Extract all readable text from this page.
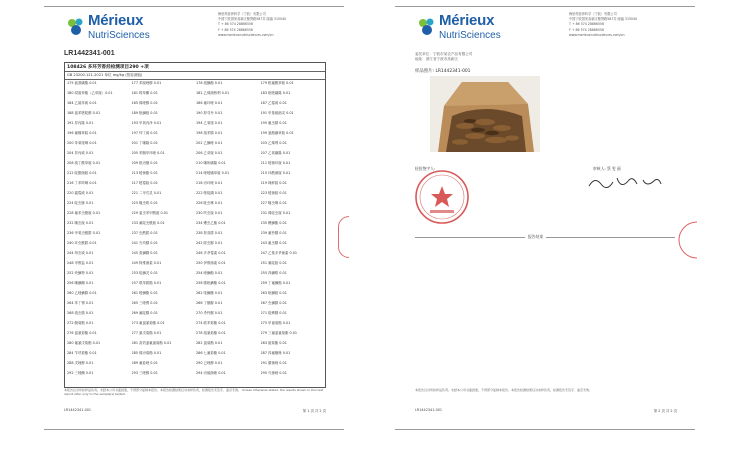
Mérieux
NutriSciences
梅里埃营养科学（宁波）有限公司
中国宁波国家高新区聚贤路587弄 邮编 315040
T + 86 574 28866556
F + 86 574 28866556
www.merieuxnutrisciences.com/cn
LR1442341-001
108426 多环芳香烃检测项目290 +项
GB 23200.121-2021 单位 mg/kg (按检测值)
175 氨基磺酸 0.01	177 苯胺唑醇 0.01	178 溴螨酯 0.01	179 吡氟酰草胺 0.01
180 叔胺草酯（乙草胺）0.01	181 嗪草酮 0.01	182 乙烯菌核利 0.01	183 吡嘧磺隆 0.01
184 乙硫苯威 0.01	185 烯唑醇 0.01	186 氟环唑 0.01	187 乙霉威 0.01
188 氯苯嘧啶醇 0.01	189 吡螨胺 0.01	190 抑芽丹 0.01	191 甲基硫菌灵 0.01
192 异丙隆 0.01	193 甲氧丙净 0.01	194 乙氧喹 0.01	195 氟虫腈 0.01
196 氟噻草胺 0.01	197 仲丁威 0.01	198 溴苯腈 0.01	199 氯酯磺草胺 0.01
200 苯氧喹啉 0.01	201 丁噻隆 0.01	202 乙螨唑 0.01	203 乙烯利 0.01
204 异丙威 0.01	205 苯醚甲环唑 0.01	206 乙草胺 0.01	207 乙氧磺隆 0.01
208 溴丁酰草胺 0.01	209 吡丙醚 0.01	210 噻吩磺隆 0.01	211 嘧菌环胺 0.01
212 啶酰菌胺 0.01	213 嘧菌酯 0.01	214 唑嘧磺草胺 0.01	215 环酰菌胺 0.01
216 丁苯吗啉 0.01	217 嘧霉胺 0.01	218 丙环唑 0.01	219 咪鲜胺 0.01
220 霜霉威 0.01	221 二甲戊灵 0.01	222 嘧啶磷 0.01	223 嘧菌胺 0.01
224 啶虫脒 0.01	225 噻虫嗪 0.01	226 吡虫啉 0.01	227 噻虫啉 0.01
228 氟苯虫酰胺 0.01	229 氯虫苯甲酰胺 0.01	230 呋虫胺 0.01	231 烯啶虫胺 0.01
232 噻虫胺 0.01	233 氟啶虫酰胺 0.01	234 螺虫乙酯 0.01	235 螺螨酯 0.01
236 甲氧虫酰肼 0.01	237 虫酰肼 0.01	238 抑食肼 0.01	239 氟铃脲 0.01
240 环虫酰肼 0.01	241 灭幼脲 0.01	242 除虫脲 0.01	243 氟虫脲 0.01
244 茚虫威 0.01	245 虱螨脲 0.01	246 多杀霉素 0.01	247 乙基多杀菌素 0.01
248 甲维盐 0.01	249 阿维菌素 0.01	250 伊维菌素 0.01	251 氟啶胺 0.01
252 炔螨特 0.01	253 哒螨灵 0.01	254 唑螨酯 0.01	255 四螨嗪 0.01
256 噻螨酮 0.01	257 联苯肼酯 0.01	258 腈吡螨酯 0.01	259 丁氟螨酯 0.01
260 乙唑螨腈 0.01	261 嘧螨酯 0.01	262 喹螨醚 0.01	263 吡螨胺 0.01
264 苯丁锡 0.01	265 三唑锡 0.01	266 丁醚脲 0.01	267 虫螨腈 0.01
268 溴虫腈 0.01	269 氟啶脲 0.01	270 杀铃脲 0.01	271 啶蜱脲 0.01
272 醚菊酯 0.01	273 氟氯氰菊酯 0.01	274 联苯菊酯 0.01	275 甲氰菊酯 0.01
276 氯氰菊酯 0.01	277 氰戊菊酯 0.01	278 溴氰菊酯 0.01	279 三氟氯氰菊酯 0.01
280 氟氰戊菊酯 0.01	281 高效氯氟氰菊酯 0.01	282 氯菊酯 0.01	283 胺菊酯 0.01
284 苄呋菊酯 0.01	285 烯丙菊酯 0.01	286 七氟菊酯 0.01	287 四氟醚唑 0.01
288 戊唑醇 0.01	289 氟硅唑 0.01	290 己唑醇 0.01	291 腈菌唑 0.01
292 三唑酮 0.01	293 三唑醇 0.01	294 丙硫菌唑 0.01	295 灭菌唑 0.01
本报告仅对所检样品负责。未经本公司书面批准，不得部分复制本报告。本报告检测结果仅对来样负责，检测报告无签字、盖章无效。 Unless otherwise stated, the results shown in this test report refer only to the sample(s) tested.
LR1442341-001	第 1 页 共 2 页
Mérieux
NutriSciences
梅里埃营养科学（宁波）有限公司
中国宁波国家高新区聚贤路587弄 邮编 315040
T + 86 574 28866556
F + 86 574 28866556
www.merieuxnutrisciences.com/cn
委托单位：宁波市某农产品有限公司
地址：浙江省宁波市高新区
样品照片: LR1442341-001
检验签字人:	审核人: 蔡 雯 丽
报告结束
本报告仅对所检样品负责。未经本公司书面批准，不得部分复制本报告。本报告检测结果仅对来样负责，检测报告无签字、盖章无效。
LR1442341-001	第 2 页 共 2 页
